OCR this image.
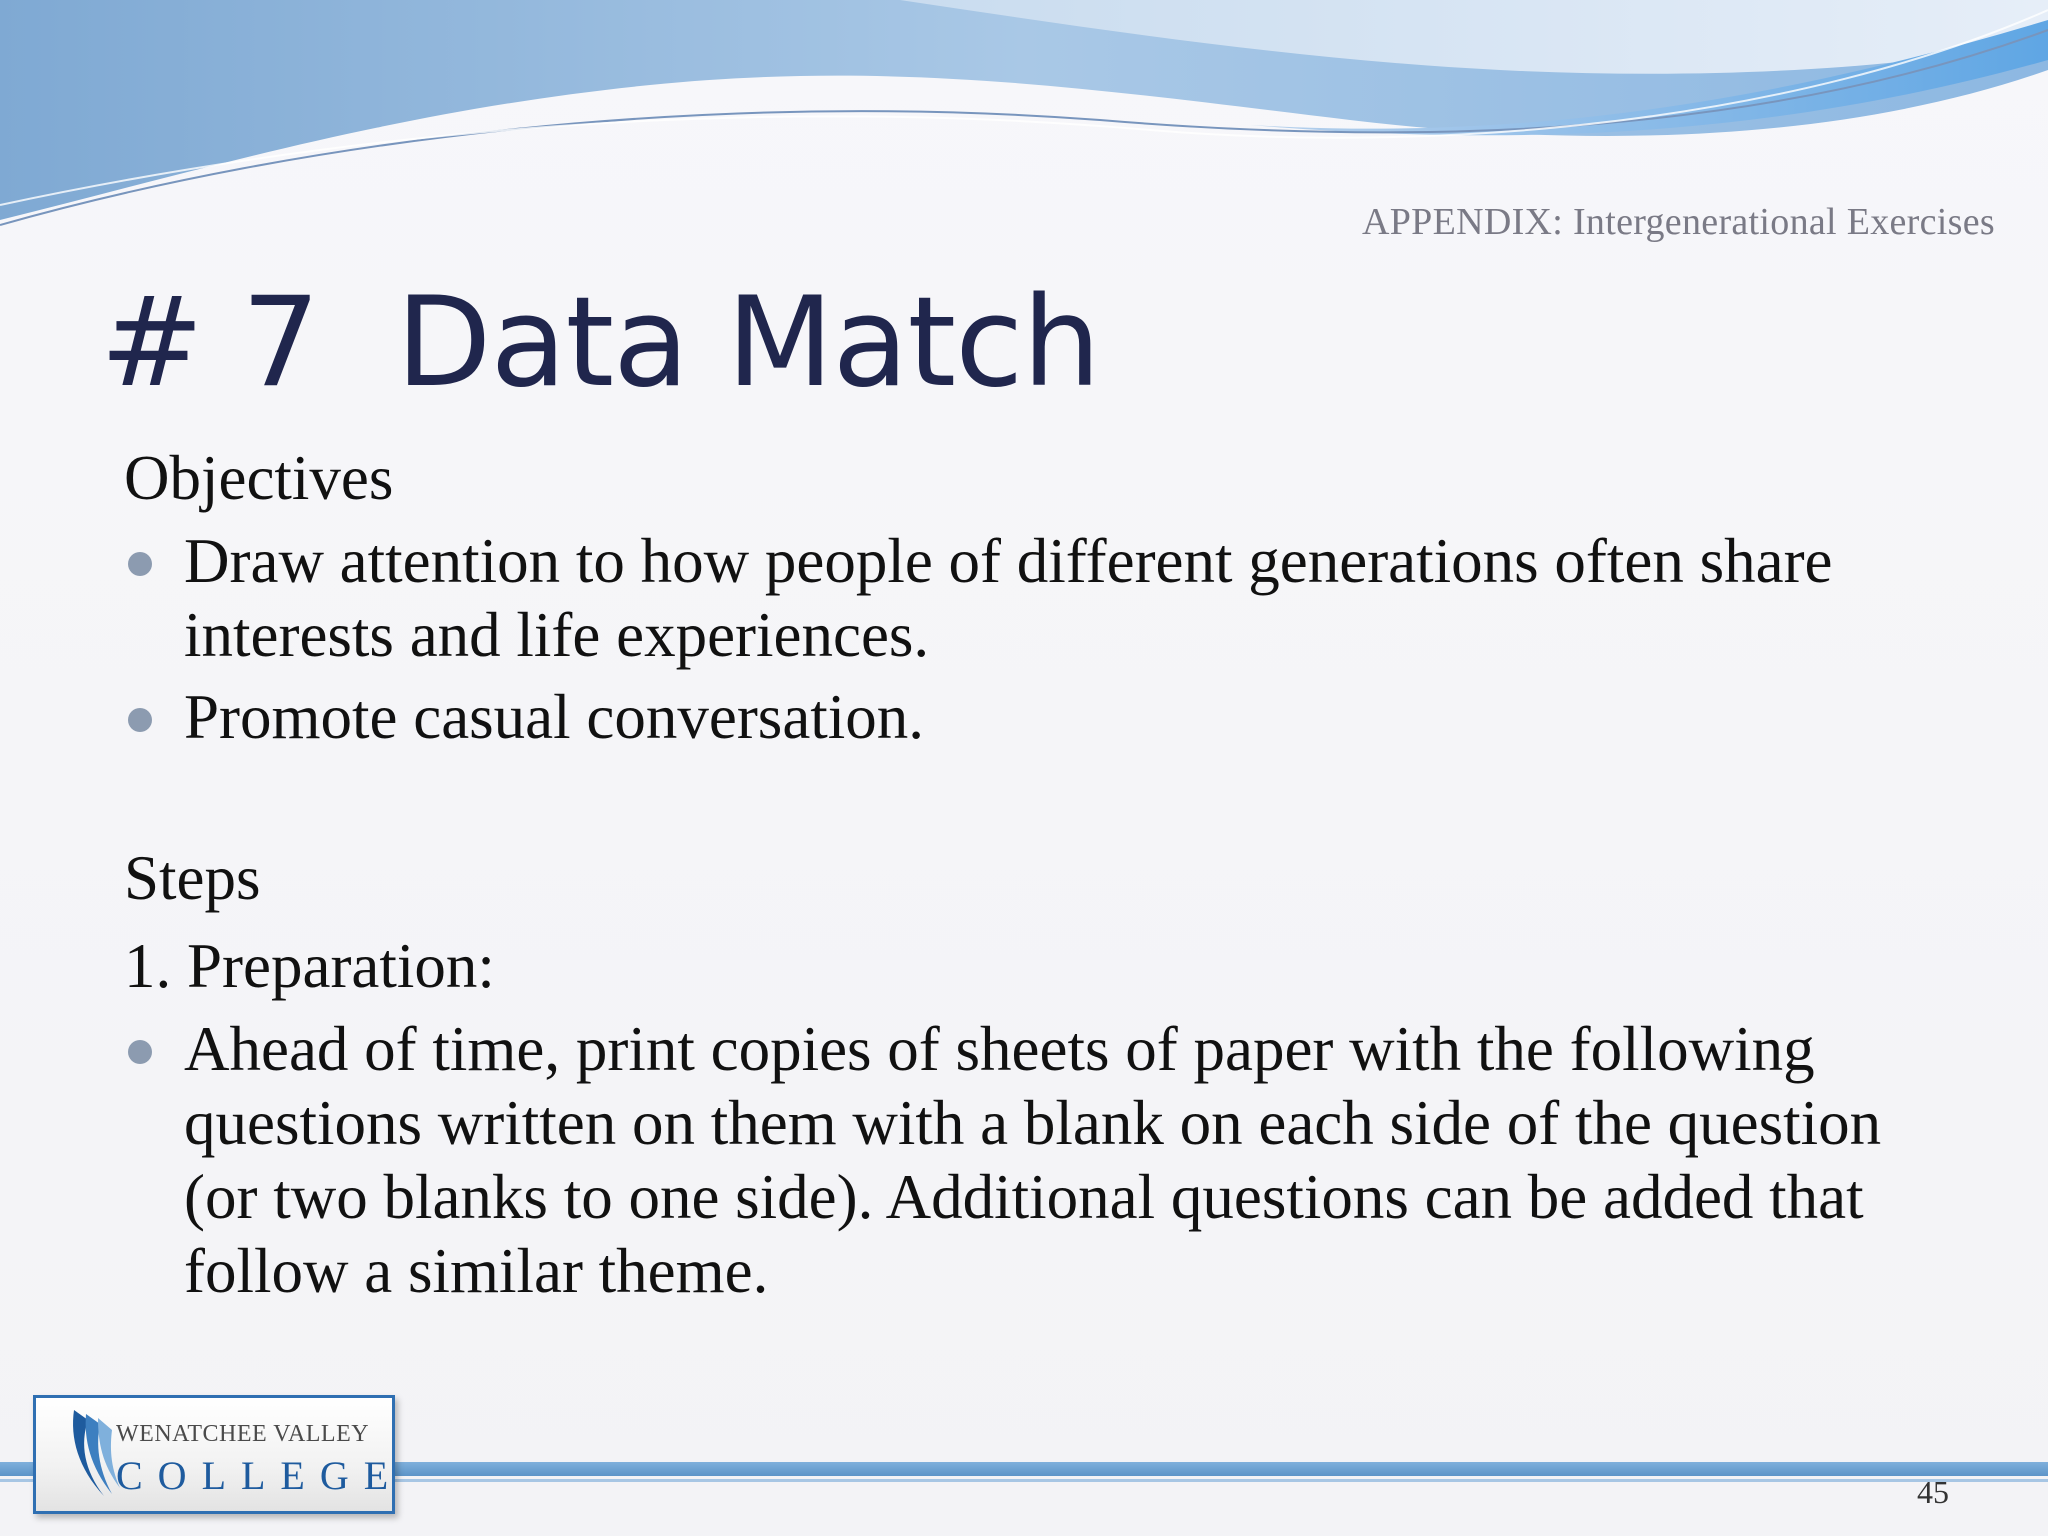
APPENDIX: Intergenerational Exercises
# 7  Data Match

Objectives

Draw attention to how people of different generations often share interests and life experiences.
Promote casual conversation.

Steps

1. Preparation:

Ahead of time, print copies of sheets of paper with the following questions written on them with a blank on each side of the question (or two blanks to one side). Additional questions can be added that follow a similar theme.
WENATCHEE VALLEY
COLLEGE	45
